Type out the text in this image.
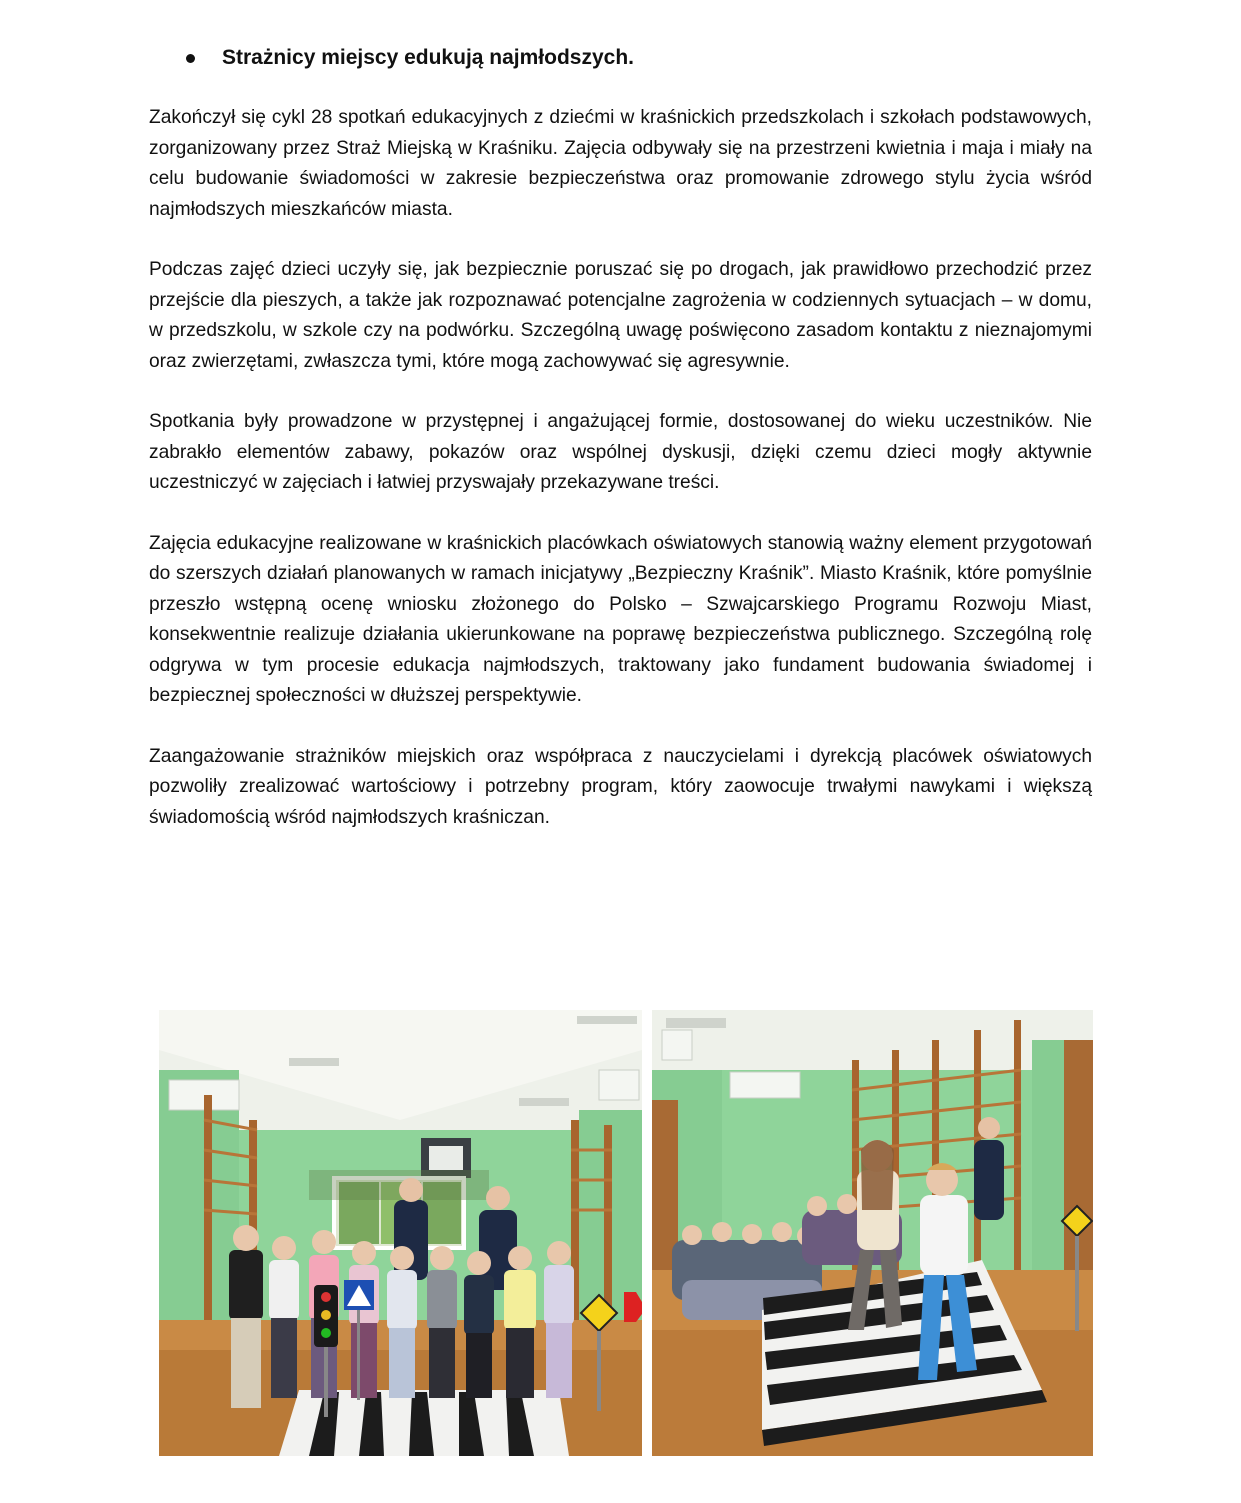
Strażnicy miejscy edukują najmłodszych.

Zakończył się cykl 28 spotkań edukacyjnych z dziećmi w kraśnickich przedszkolach i szkołach podstawowych, zorganizowany przez Straż Miejską w Kraśniku. Zajęcia odbywały się na przestrzeni kwietnia i maja i miały na celu budowanie świadomości w zakresie bezpieczeństwa oraz promowanie zdrowego stylu życia wśród najmłodszych mieszkańców miasta.

Podczas zajęć dzieci uczyły się, jak bezpiecznie poruszać się po drogach, jak prawidłowo przechodzić przez przejście dla pieszych, a także jak rozpoznawać potencjalne zagrożenia w codziennych sytuacjach – w domu, w przedszkolu, w szkole czy na podwórku. Szczególną uwagę poświęcono zasadom kontaktu z nieznajomymi oraz zwierzętami, zwłaszcza tymi, które mogą zachowywać się agresywnie.

Spotkania były prowadzone w przystępnej i angażującej formie, dostosowanej do wieku uczestników. Nie zabrakło elementów zabawy, pokazów oraz wspólnej dyskusji, dzięki czemu dzieci mogły aktywnie uczestniczyć w zajęciach i łatwiej przyswajały przekazywane treści.

Zajęcia edukacyjne realizowane w kraśnickich placówkach oświatowych stanowią ważny element przygotowań do szerszych działań planowanych w ramach inicjatywy „Bezpieczny Kraśnik”. Miasto Kraśnik, które pomyślnie przeszło wstępną ocenę wniosku złożonego do Polsko – Szwajcarskiego Programu Rozwoju Miast, konsekwentnie realizuje działania ukierunkowane na poprawę bezpieczeństwa publicznego. Szczególną rolę odgrywa w tym procesie edukacja najmłodszych, traktowany jako fundament budowania świadomej i bezpiecznej społeczności w dłuższej perspektywie.

Zaangażowanie strażników miejskich oraz współpraca z nauczycielami i dyrekcją placówek oświatowych pozwoliły zrealizować wartościowy i potrzebny program, który zaowocuje trwałymi nawykami i większą świadomością wśród najmłodszych kraśniczan.
